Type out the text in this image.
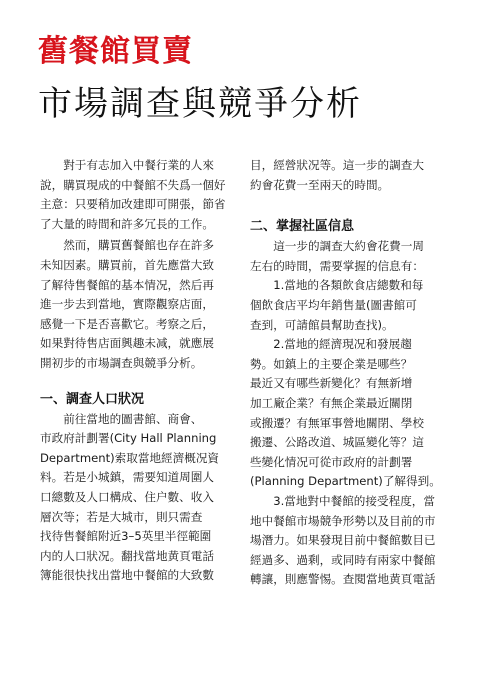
舊餐館買賣
市場調查與競爭分析
　　對于有志加入中餐行業的人來
說，購買現成的中餐館不失爲一個好
主意：只要稍加改建即可開張，節省
了大量的時間和許多冗長的工作。
　　然而，購買舊餐館也存在許多
未知因素。購買前，首先應當大致
了解待售餐館的基本情况，然后再
進一步去到當地，實際觀察店面，
感覺一下是否喜歡它。考察之后，
如果對待售店面興趣未减，就應展
開初步的市場調查與競爭分析。
一、調查人口狀况
　　前往當地的圖書館、商會、
市政府計劃署(City Hall Planning
Department)索取當地經濟概况資
料。若是小城鎮，需要知道周圍人
口總數及人口構成、住户數、收入
層次等；若是大城市，則只需查
找待售餐館附近3–5英里半徑範圍
内的人口狀况。翻找當地黄頁電話
簿能很快找出當地中餐館的大致數
目，經營狀况等。這一步的調查大
約會花費一至兩天的時間。
二、掌握社區信息
　　這一步的調查大約會花費一周
左右的時間，需要掌握的信息有：
　　1.當地的各類飲食店總數和每
個飲食店平均年銷售量(圖書館可
查到，可請館員幫助查找)。
　　2.當地的經濟現况和發展趨
勢。如鎮上的主要企業是哪些？
最近又有哪些新變化？有無新增
加工廠企業？有無企業最近關閉
或搬遷？有無軍事營地關閉、學校
搬遷、公路改道、城區變化等？這
些變化情况可從市政府的計劃署
(Planning Department)了解得到。
　　3.當地對中餐館的接受程度，當
地中餐館市場競争形勢以及目前的市
場潛力。如果發現目前中餐館數目已
經過多、過剩，或同時有兩家中餐館
轉讓，則應警惕。查閱當地黄頁電話
